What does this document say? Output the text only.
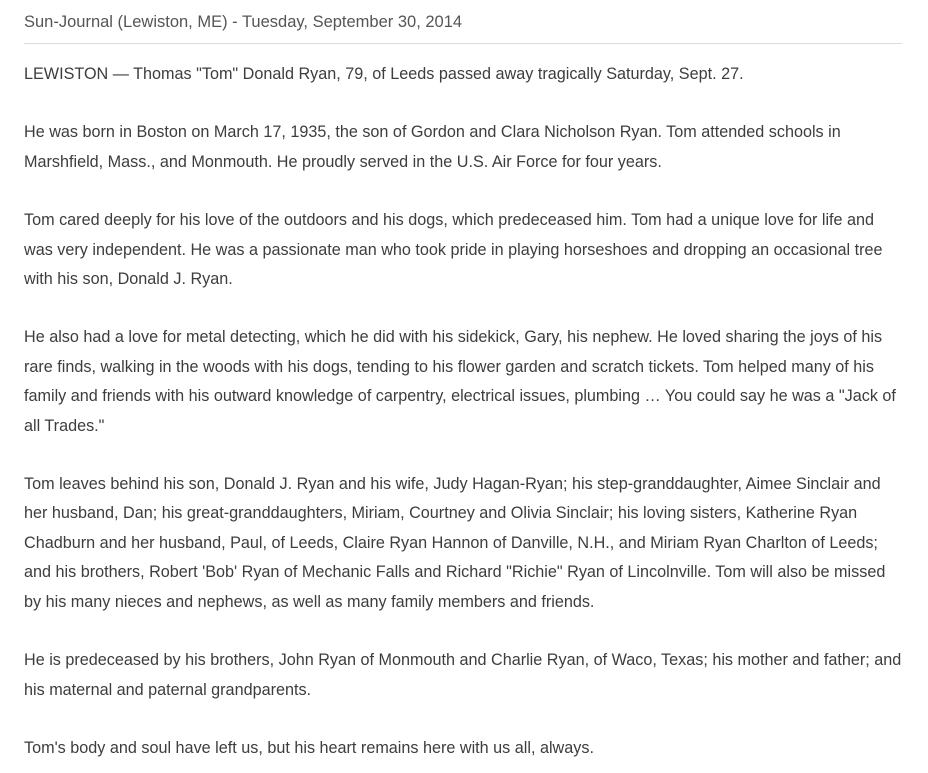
Sun-Journal (Lewiston, ME) - Tuesday, September 30, 2014

LEWISTON — Thomas "Tom" Donald Ryan, 79, of Leeds passed away tragically Saturday, Sept. 27.

He was born in Boston on March 17, 1935, the son of Gordon and Clara Nicholson Ryan. Tom attended schools in Marshfield, Mass., and Monmouth. He proudly served in the U.S. Air Force for four years.

Tom cared deeply for his love of the outdoors and his dogs, which predeceased him. Tom had a unique love for life and was very independent. He was a passionate man who took pride in playing horseshoes and dropping an occasional tree with his son, Donald J. Ryan.

He also had a love for metal detecting, which he did with his sidekick, Gary, his nephew. He loved sharing the joys of his rare finds, walking in the woods with his dogs, tending to his flower garden and scratch tickets. Tom helped many of his family and friends with his outward knowledge of carpentry, electrical issues, plumbing … You could say he was a "Jack of all Trades."

Tom leaves behind his son, Donald J. Ryan and his wife, Judy Hagan-Ryan; his step-granddaughter, Aimee Sinclair and her husband, Dan; his great-granddaughters, Miriam, Courtney and Olivia Sinclair; his loving sisters, Katherine Ryan Chadburn and her husband, Paul, of Leeds, Claire Ryan Hannon of Danville, N.H., and Miriam Ryan Charlton of Leeds; and his brothers, Robert 'Bob' Ryan of Mechanic Falls and Richard "Richie" Ryan of Lincolnville. Tom will also be missed by his many nieces and nephews, as well as many family members and friends.

He is predeceased by his brothers, John Ryan of Monmouth and Charlie Ryan, of Waco, Texas; his mother and father; and his maternal and paternal grandparents.

Tom's body and soul have left us, but his heart remains here with us all, always.
